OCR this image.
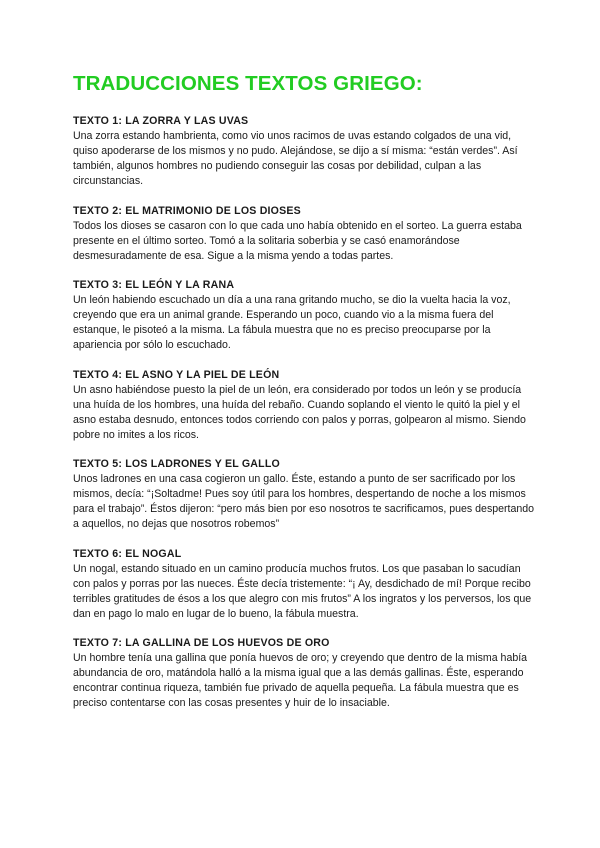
TRADUCCIONES TEXTOS GRIEGO:
TEXTO 1: LA ZORRA Y LAS UVAS

Una zorra estando hambrienta, como vio unos racimos de uvas estando colgados de una vid, quiso apoderarse de los mismos y no pudo. Alejándose, se dijo a sí misma: “están verdes”. Así también, algunos hombres no pudiendo conseguir las cosas por debilidad, culpan a las circunstancias.

TEXTO 2: EL MATRIMONIO DE LOS DIOSES

Todos los dioses se casaron con lo que cada uno había obtenido en el sorteo. La guerra estaba presente en el último sorteo. Tomó a la solitaria soberbia y se casó enamorándose desmesuradamente de esa. Sigue a la misma yendo a todas partes.

TEXTO 3: EL LEÓN Y LA RANA

Un león habiendo escuchado un día a una rana gritando mucho, se dio la vuelta hacia la voz, creyendo que era un animal grande. Esperando un poco, cuando vio a la misma fuera del estanque, le pisoteó a la misma. La fábula muestra que no es preciso preocuparse por la apariencia por sólo lo escuchado.

TEXTO 4: EL ASNO Y LA PIEL DE LEÓN

Un asno habiéndose puesto la piel de un león, era considerado por todos un león y se producía una huída de los hombres, una huída del rebaño. Cuando soplando el viento le quitó la piel y el asno estaba desnudo, entonces todos corriendo con palos y porras, golpearon al mismo. Siendo pobre no imites a los ricos.

TEXTO 5: LOS LADRONES Y EL GALLO

Unos ladrones en una casa cogieron un gallo. Éste, estando a punto de ser sacrificado por los mismos, decía: “¡Soltadme! Pues soy útil para los hombres, despertando de noche a los mismos para el trabajo”. Éstos dijeron: “pero más bien por eso nosotros te sacrificamos, pues despertando a aquellos, no dejas que nosotros robemos”

TEXTO 6: EL NOGAL

Un nogal, estando situado en un camino producía muchos frutos. Los que pasaban lo sacudían con palos y porras por las nueces. Éste decía tristemente: “¡ Ay, desdichado de mí! Porque recibo terribles gratitudes de ésos a los que alegro con mis frutos” A los ingratos y los perversos, los que dan en pago lo malo en lugar de lo bueno, la fábula muestra.

TEXTO 7: LA GALLINA DE LOS HUEVOS DE ORO

Un hombre tenía una gallina que ponía huevos de oro; y creyendo que dentro de la misma había abundancia de oro, matándola halló a la misma igual que a las demás gallinas. Éste, esperando encontrar continua riqueza, también fue privado de aquella pequeña. La fábula muestra que es preciso contentarse con las cosas presentes y huir de lo insaciable.
